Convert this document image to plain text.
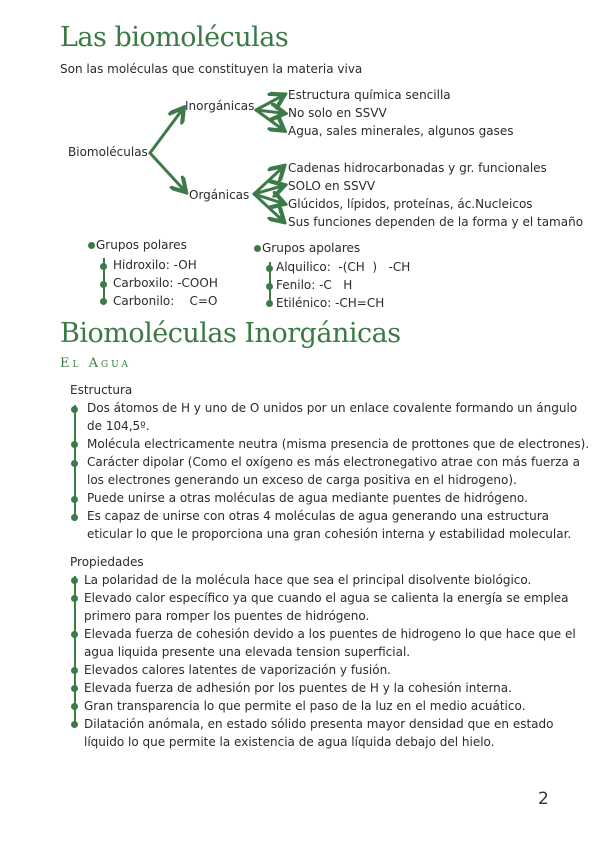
Las biomoléculas
Son las moléculas que constituyen la materia viva
Biomoléculas
Inorgánicas
Orgánicas
Estructura química sencilla
No solo en SSVV
Agua, sales minerales, algunos gases
Cadenas hidrocarbonadas y gr. funcionales
SOLO en SSVV
Glúcidos, lípidos, proteínas, ác.Nucleicos
Sus funciones dependen de la forma y el tamaño
Grupos polares
Hidroxilo: -OH
Carboxilo: -COOH
Carbonilo:    C=O
Grupos apolares
Alquilico:  -(CH  )   -CH
Fenilo: -C   H
Etilénico: -CH=CH
Biomoléculas Inorgánicas
El Agua
Estructura
Dos átomos de H y uno de O unidos por un enlace covalente formando un ángulo
de 104,5º.
Molécula electricamente neutra (misma presencia de prottones que de electrones).
Carácter dipolar (Como el oxígeno es más electronegativo atrae con más fuerza a
los electrones generando un exceso de carga positiva en el hidrogeno).
Puede unirse a otras moléculas de agua mediante puentes de hidrógeno.
Es capaz de unirse con otras 4 moléculas de agua generando una estructura
eticular lo que le proporciona una gran cohesión interna y estabilidad molecular.
Propiedades
La polaridad de la molécula hace que sea el principal disolvente biológico.
Elevado calor específico ya que cuando el agua se calienta la energía se emplea
primero para romper los puentes de hidrógeno.
Elevada fuerza de cohesión devido a los puentes de hidrogeno lo que hace que el
agua liquida presente una elevada tension superficial.
Elevados calores latentes de vaporización y fusión.
Elevada fuerza de adhesión por los puentes de H y la cohesión interna.
Gran transparencia lo que permite el paso de la luz en el medio acuático.
Dilatación anómala, en estado sólido presenta mayor densidad que en estado
líquido lo que permite la existencia de agua líquida debajo del hielo.
2
